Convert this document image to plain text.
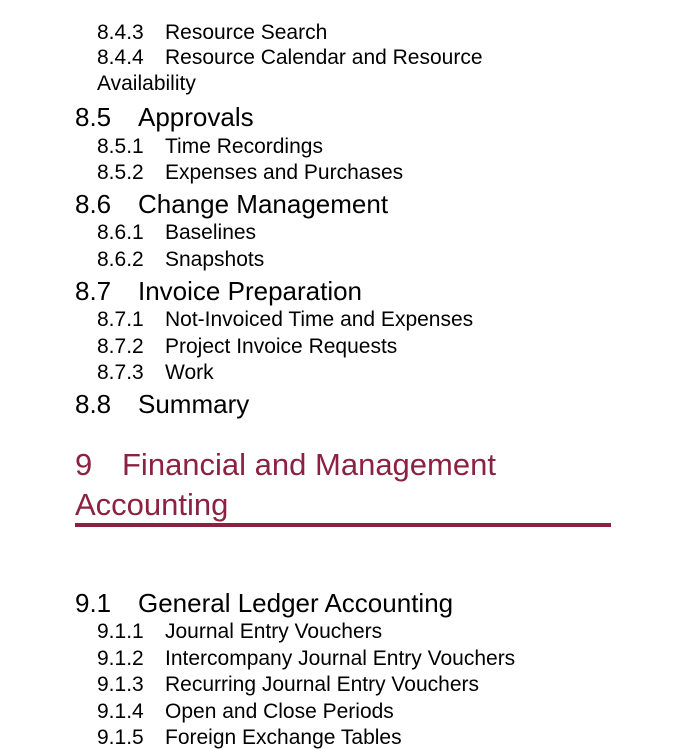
8.4.3 Resource Search
8.4.4 Resource Calendar and Resource Availability
8.5 Approvals
8.5.1 Time Recordings
8.5.2 Expenses and Purchases
8.6 Change Management
8.6.1 Baselines
8.6.2 Snapshots
8.7 Invoice Preparation
8.7.1 Not-Invoiced Time and Expenses
8.7.2 Project Invoice Requests
8.7.3 Work
8.8 Summary
9 Financial and Management Accounting
9.1 General Ledger Accounting
9.1.1 Journal Entry Vouchers
9.1.2 Intercompany Journal Entry Vouchers
9.1.3 Recurring Journal Entry Vouchers
9.1.4 Open and Close Periods
9.1.5 Foreign Exchange Tables
